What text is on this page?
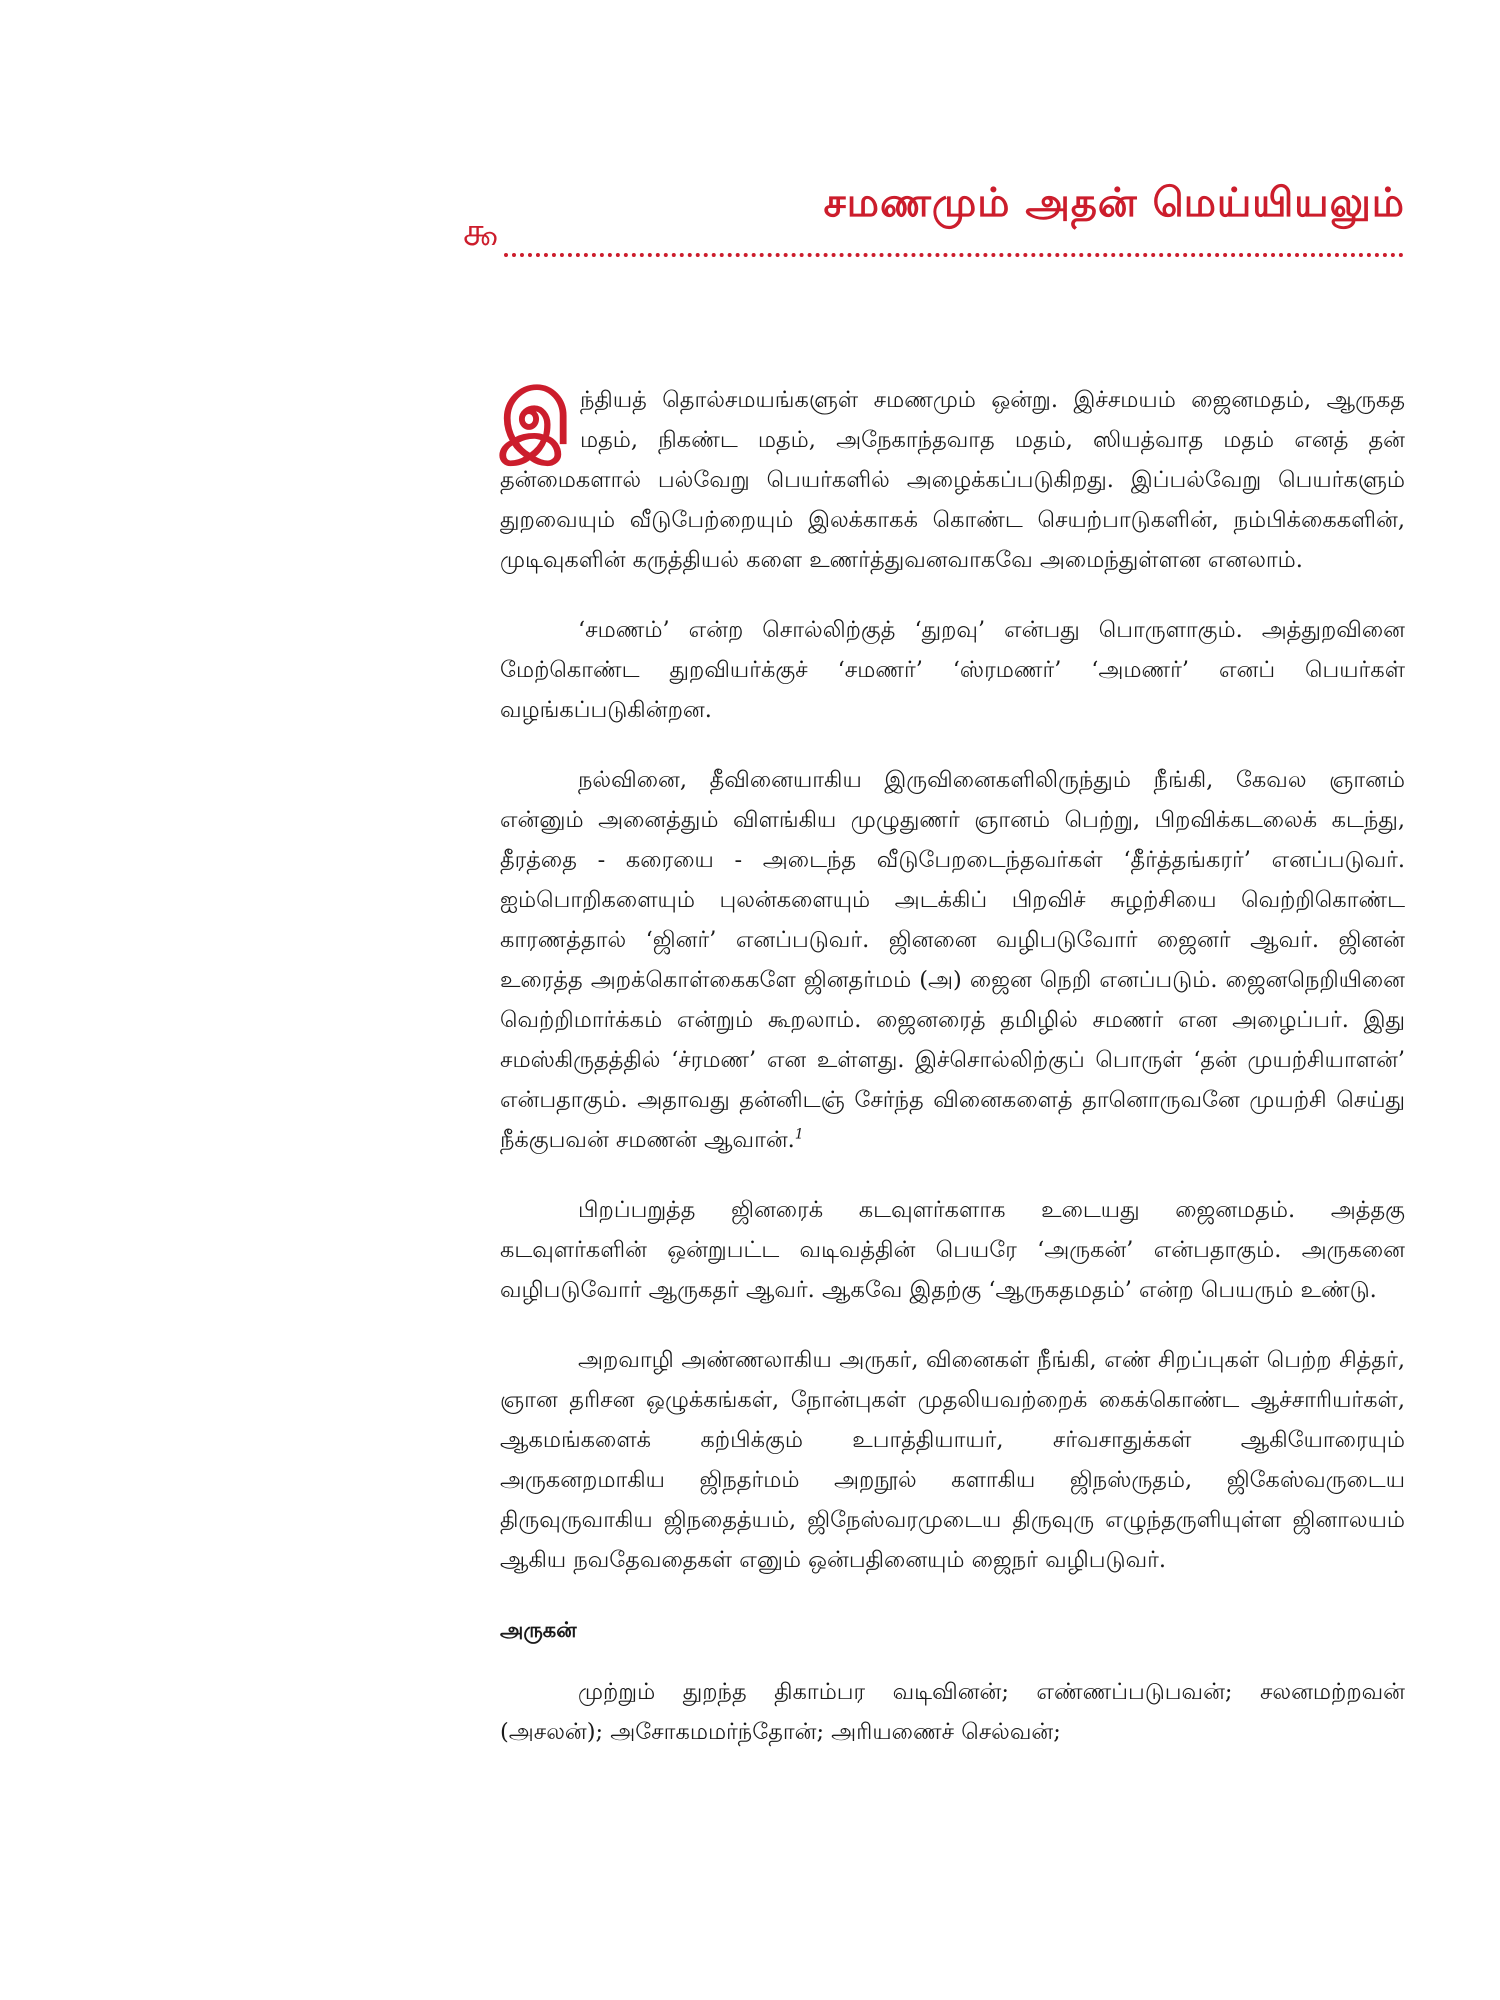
௯
சமணமும் அதன் மெய்யியலும்

இந்தியத் தொல்சமயங்களுள் சமணமும் ஒன்று. இச்சமயம் ஜைனமதம், ஆருகத மதம், நிகண்ட மதம், அநேகாந்தவாத மதம், ஸியத்வாத மதம் எனத் தன் தன்மைகளால் பல்வேறு பெயர்களில் அழைக்கப்படுகிறது. இப்பல்வேறு பெயர்களும் துறவையும் வீடுபேற்றையும் இலக்காகக் கொண்ட செயற்பாடுகளின், நம்பிக்கைகளின், முடிவுகளின் கருத்தியல் களை உணர்த்துவனவாகவே அமைந்துள்ளன எனலாம்.

‘சமணம்’ என்ற சொல்லிற்குத் ‘துறவு’ என்பது பொருளாகும். அத்துறவினை மேற்கொண்ட துறவியர்க்குச் ‘சமணர்’ ‘ஸ்ரமணர்’ ‘அமணர்’ எனப் பெயர்கள் வழங்கப்படுகின்றன.

நல்வினை, தீவினையாகிய இருவினைகளிலிருந்தும் நீங்கி, கேவல ஞானம் என்னும் அனைத்தும் விளங்கிய முழுதுணர் ஞானம் பெற்று, பிறவிக்கடலைக் கடந்து, தீரத்தை - கரையை - அடைந்த வீடுபேறடைந்தவர்கள் ‘தீர்த்தங்கரர்’ எனப்படுவர். ஐம்பொறிகளையும் புலன்களையும் அடக்கிப் பிறவிச் சுழற்சியை வெற்றிகொண்ட காரணத்தால் ‘ஜினர்’ எனப்படுவர். ஜினனை வழிபடுவோர் ஜைனர் ஆவர். ஜினன் உரைத்த அறக்கொள்கைகளே ஜினதர்மம் (அ) ஜைன நெறி எனப்படும். ஜைனநெறியினை வெற்றிமார்க்கம் என்றும் கூறலாம். ஜைனரைத் தமிழில் சமணர் என அழைப்பர். இது சமஸ்கிருதத்தில் ‘ச்ரமண’ என உள்ளது. இச்சொல்லிற்குப் பொருள் ‘தன் முயற்சியாளன்’ என்பதாகும். அதாவது தன்னிடஞ் சேர்ந்த வினைகளைத் தானொருவனே முயற்சி செய்து நீக்குபவன் சமணன் ஆவான்.$^1$

பிறப்பறுத்த ஜினரைக் கடவுளர்களாக உடையது ஜைனமதம். அத்தகு கடவுளர்களின் ஒன்றுபட்ட வடிவத்தின் பெயரே ‘அருகன்’ என்பதாகும். அருகனை வழிபடுவோர் ஆருகதர் ஆவர். ஆகவே இதற்கு ‘ஆருகதமதம்’ என்ற பெயரும் உண்டு.

அறவாழி அண்ணலாகிய அருகர், வினைகள் நீங்கி, எண் சிறப்புகள் பெற்ற சித்தர், ஞான தரிசன ஒழுக்கங்கள், நோன்புகள் முதலியவற்றைக் கைக்கொண்ட ஆச்சாரியர்கள், ஆகமங்களைக் கற்பிக்கும் உபாத்தியாயர், சர்வசாதுக்கள் ஆகியோரையும் அருகனறமாகிய ஜிநதர்மம் அறநூல் களாகிய ஜிநஸ்ருதம், ஜிகேஸ்வருடைய திருவுருவாகிய ஜிநதைத்யம், ஜிநேஸ்வரமுடைய திருவுரு எழுந்தருளியுள்ள ஜினாலயம் ஆகிய நவதேவதைகள் எனும் ஒன்பதினையும் ஜைநர் வழிபடுவர்.

அருகன்

முற்றும் துறந்த திகாம்பர வடிவினன்; எண்ணப்படுபவன்; சலனமற்றவன் (அசலன்); அசோகமமர்ந்தோன்; அரியணைச் செல்வன்;
